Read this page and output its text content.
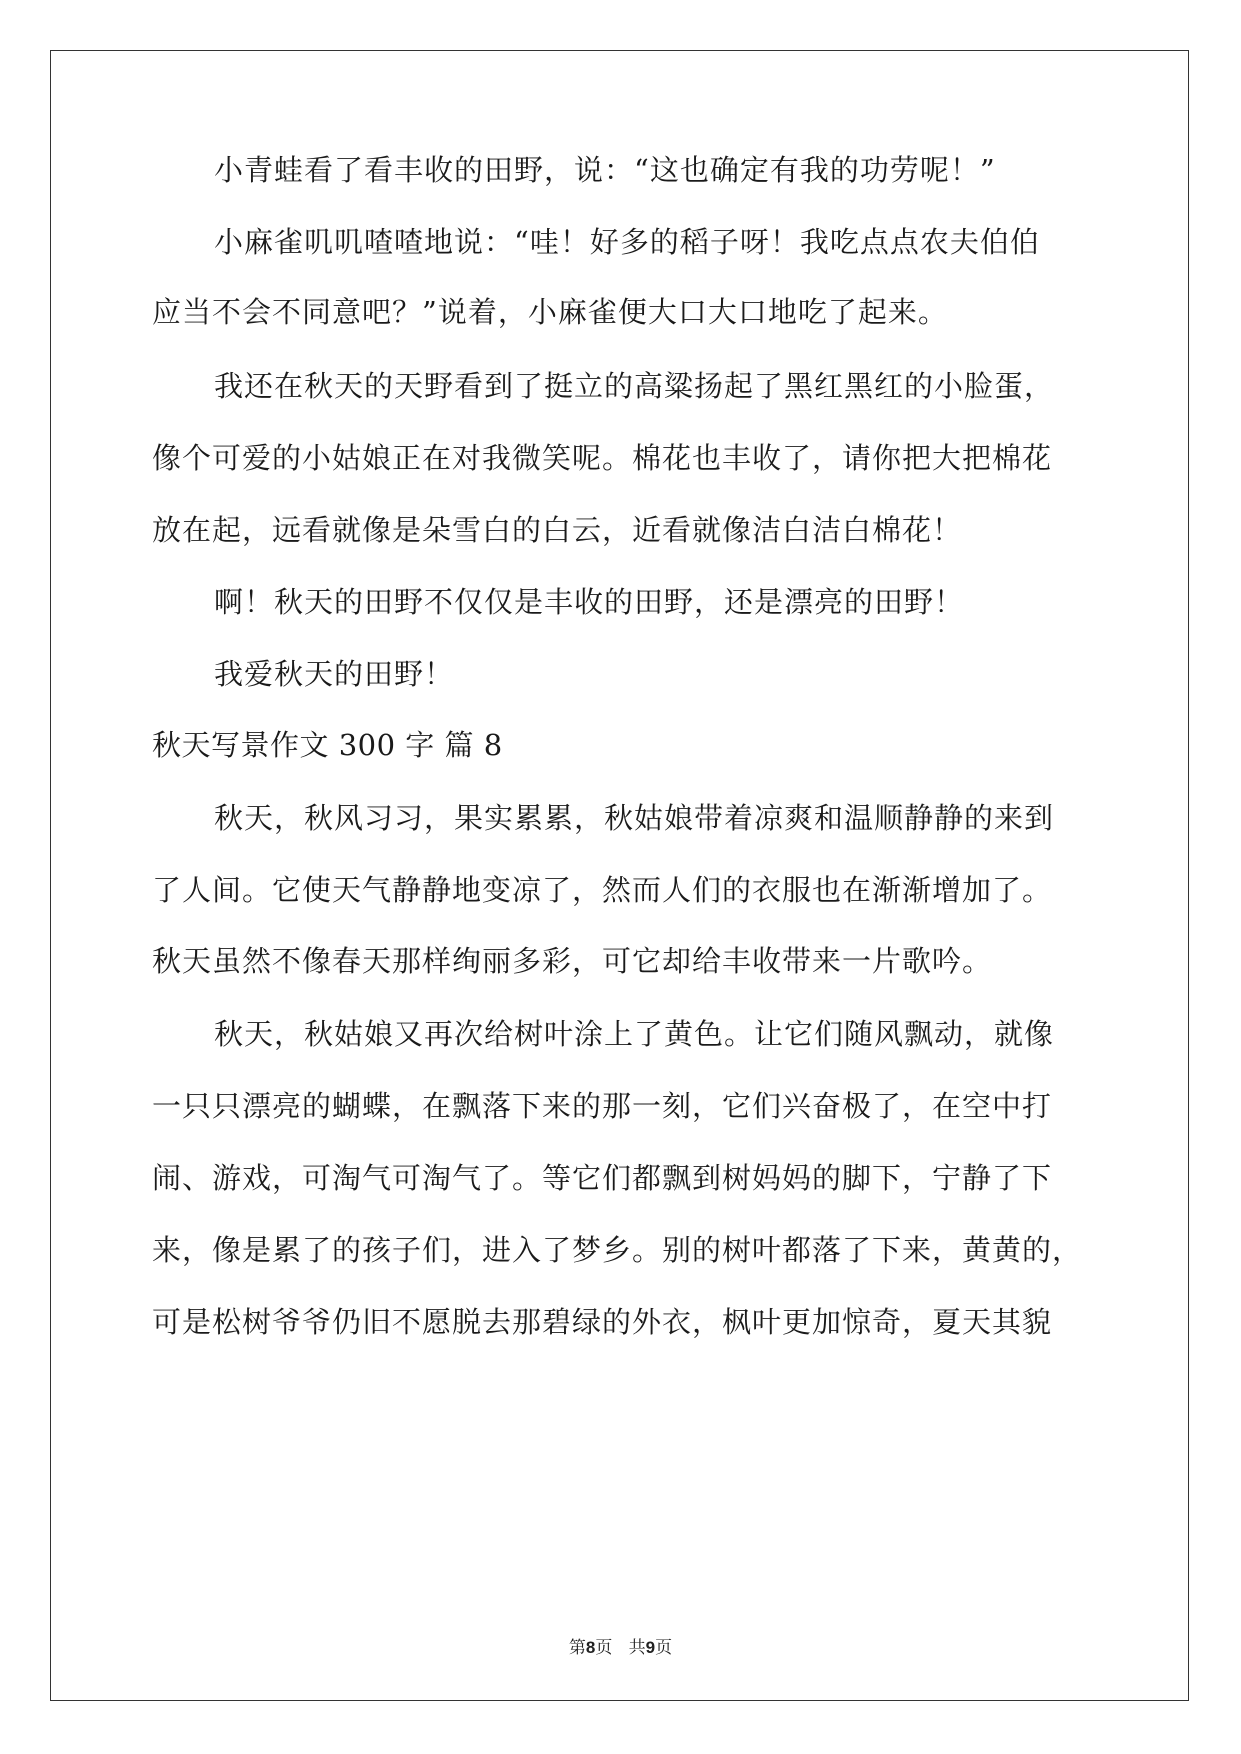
小青蛙看了看丰收的田野，说：“这也确定有我的功劳呢！”
小麻雀叽叽喳喳地说：“哇！好多的稻子呀！我吃点点农夫伯伯
应当不会不同意吧？”说着，小麻雀便大口大口地吃了起来。
我还在秋天的天野看到了挺立的高粱扬起了黑红黑红的小脸蛋，
像个可爱的小姑娘正在对我微笑呢。棉花也丰收了，请你把大把棉花
放在起，远看就像是朵雪白的白云，近看就像洁白洁白棉花！
啊！秋天的田野不仅仅是丰收的田野，还是漂亮的田野！
我爱秋天的田野！
秋天写景作文 300 字 篇 8
秋天，秋风习习，果实累累，秋姑娘带着凉爽和温顺静静的来到
了人间。它使天气静静地变凉了，然而人们的衣服也在渐渐增加了。
秋天虽然不像春天那样绚丽多彩，可它却给丰收带来一片歌吟。
秋天，秋姑娘又再次给树叶涂上了黄色。让它们随风飘动，就像
一只只漂亮的蝴蝶，在飘落下来的那一刻，它们兴奋极了，在空中打
闹、游戏，可淘气可淘气了。等它们都飘到树妈妈的脚下，宁静了下
来，像是累了的孩子们，进入了梦乡。别的树叶都落了下来，黄黄的，
可是松树爷爷仍旧不愿脱去那碧绿的外衣，枫叶更加惊奇，夏天其貌
第8页   共9页
